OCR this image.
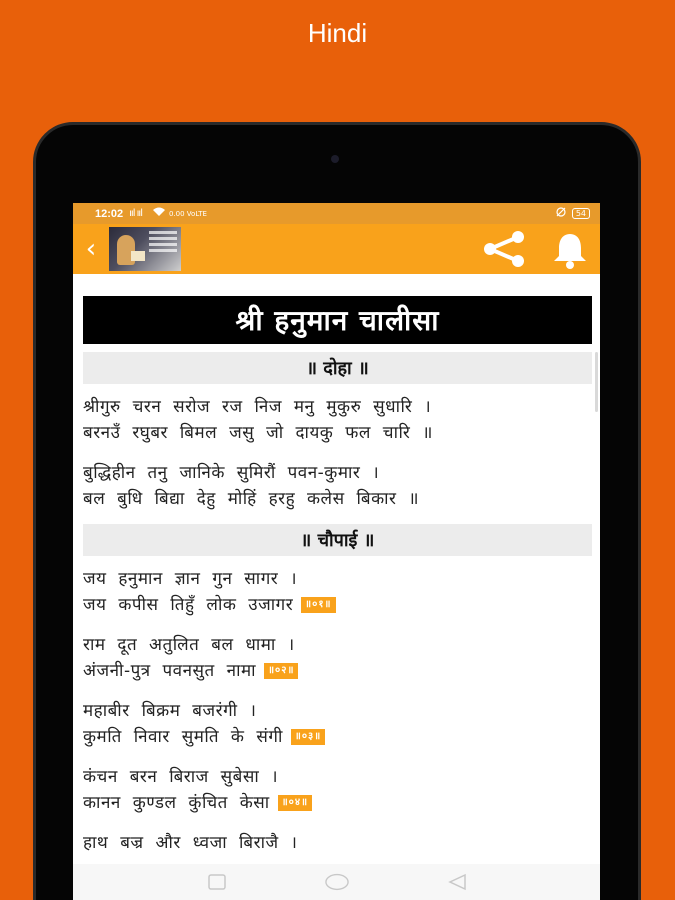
Hindi
12:02 ııl ııl	0.00 VoLTE	54
‹
श्री हनुमान चालीसा
॥ दोहा ॥
श्रीगुरु चरन सरोज रज निज मनु मुकुरु सुधारि ।
बरनउँ रघुबर बिमल जसु जो दायकु फल चारि ॥
बुद्धिहीन तनु जानिके सुमिरौं पवन-कुमार ।
बल बुधि बिद्या देहु मोहिं हरहु कलेस बिकार ॥
॥ चौपाई ॥
जय हनुमान ज्ञान गुन सागर ।
जय कपीस तिहुँ लोक उजागर ॥०१॥
राम दूत अतुलित बल धामा ।
अंजनी-पुत्र पवनसुत नामा ॥०२॥
महाबीर बिक्रम बजरंगी ।
कुमति निवार सुमति के संगी ॥०३॥
कंचन बरन बिराज सुबेसा ।
कानन कुण्डल कुंचित केसा ॥०४॥
हाथ बज्र और ध्वजा बिराजै ।
